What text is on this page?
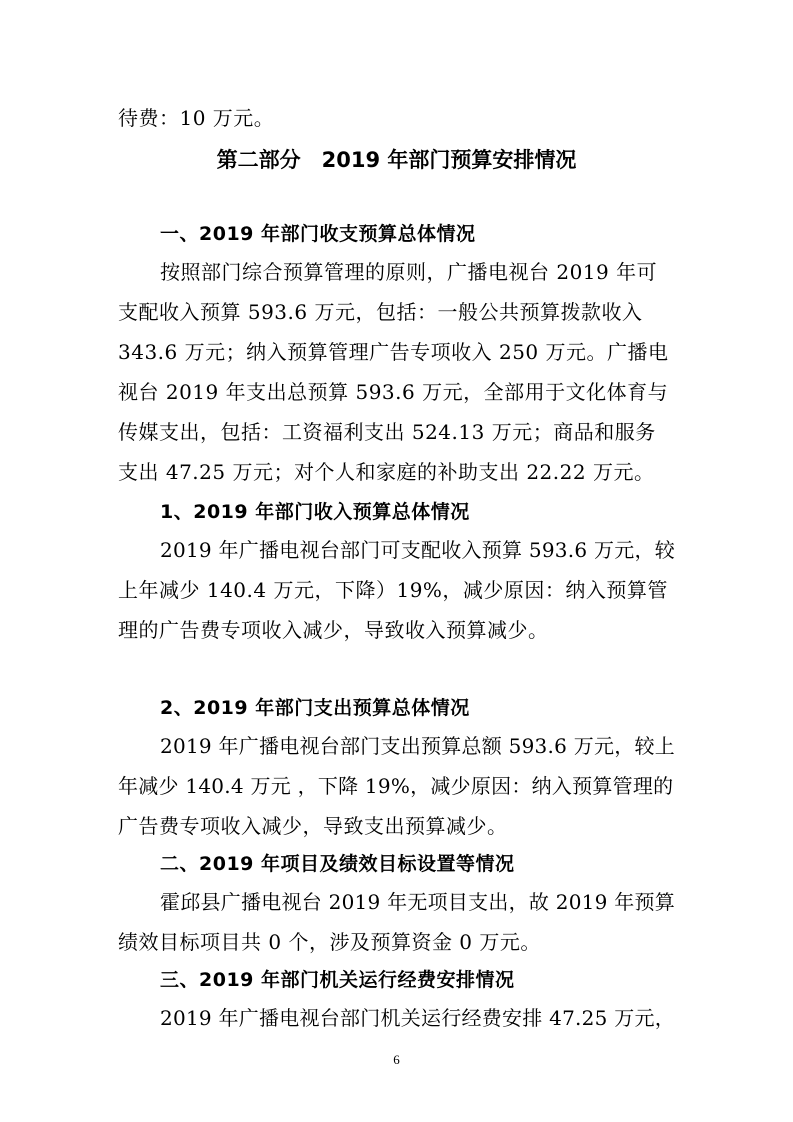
待费：10 万元。
第二部分　2019 年部门预算安排情况
一、2019 年部门收支预算总体情况
按照部门综合预算管理的原则，广播电视台 2019 年可
支配收入预算 593.6 万元，包括：一般公共预算拨款收入
343.6 万元；纳入预算管理广告专项收入 250 万元。广播电
视台 2019 年支出总预算 593.6 万元，全部用于文化体育与
传媒支出，包括：工资福利支出 524.13 万元；商品和服务
支出 47.25 万元；对个人和家庭的补助支出 22.22 万元。
1、2019 年部门收入预算总体情况
2019 年广播电视台部门可支配收入预算 593.6 万元，较
上年减少 140.4 万元，下降）19%，减少原因：纳入预算管
理的广告费专项收入减少，导致收入预算减少。
2、2019 年部门支出预算总体情况
2019 年广播电视台部门支出预算总额 593.6 万元，较上
年减少 140.4 万元 ，下降 19%，减少原因：纳入预算管理的
广告费专项收入减少，导致支出预算减少。
二、2019 年项目及绩效目标设置等情况
霍邱县广播电视台 2019 年无项目支出，故 2019 年预算
绩效目标项目共 0 个，涉及预算资金 0 万元。
三、2019 年部门机关运行经费安排情况
2019 年广播电视台部门机关运行经费安排 47.25 万元，
6
